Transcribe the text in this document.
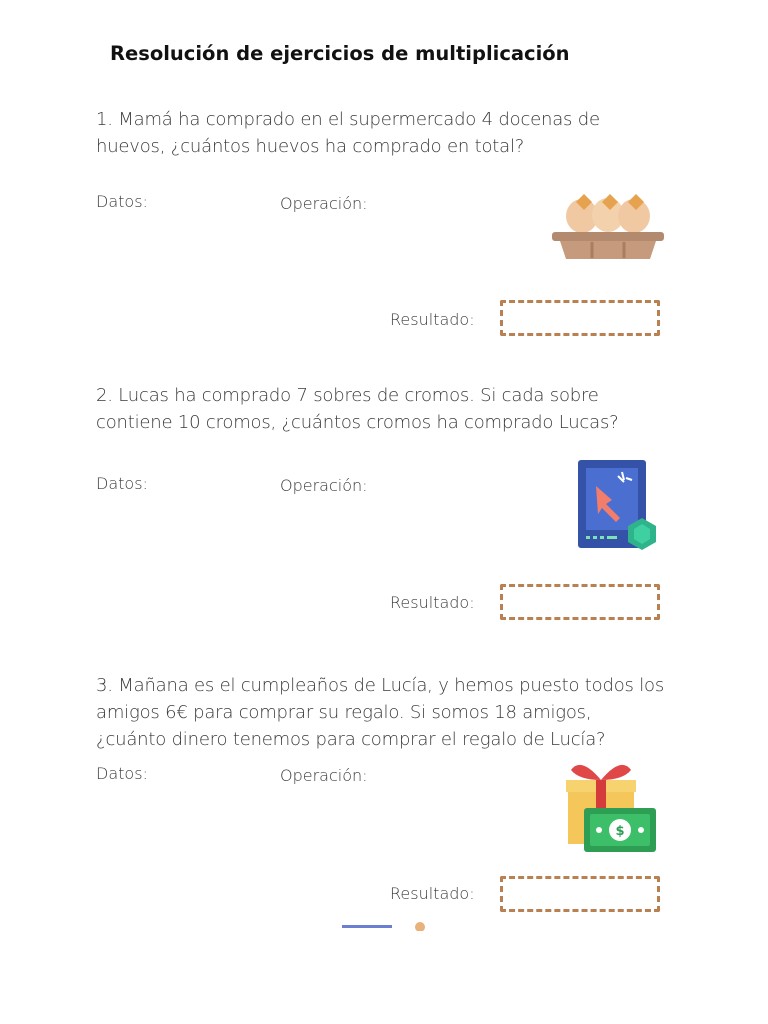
Resolución de ejercicios de multiplicación
1. Mamá ha comprado en el supermercado 4 docenas de huevos, ¿cuántos huevos ha comprado en total?
Datos:	Operación:
Resultado:
2. Lucas ha comprado 7 sobres de cromos. Si cada sobre contiene 10 cromos, ¿cuántos cromos ha comprado Lucas?
Datos:	Operación:
Resultado:
3. Mañana es el cumpleaños de Lucía, y hemos puesto todos los amigos 6€ para comprar su regalo. Si somos 18 amigos, ¿cuánto dinero tenemos para comprar el regalo de Lucía?
Datos:	Operación:
$
Resultado:
